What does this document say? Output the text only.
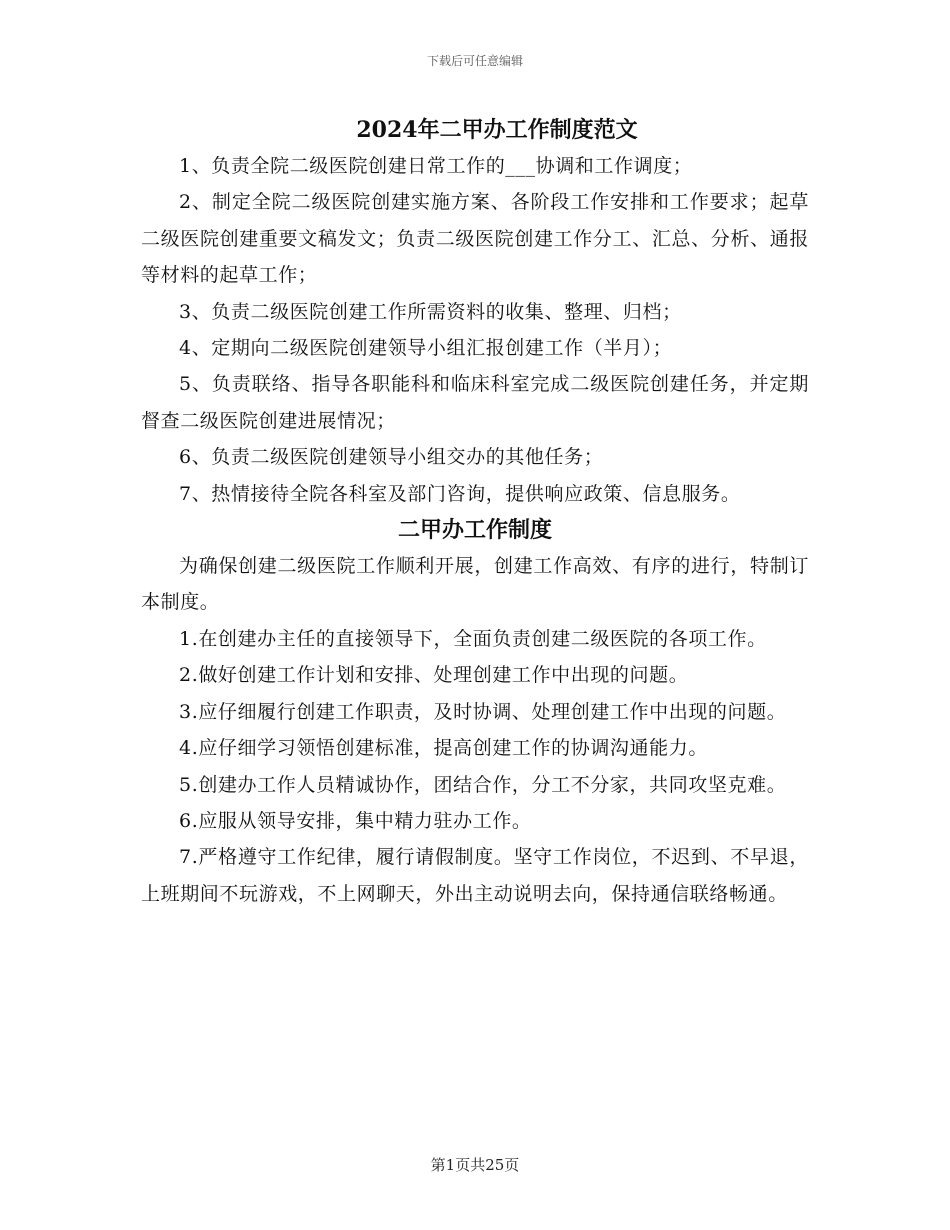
下载后可任意编辑
2024年二甲办工作制度范文

1、负责全院二级医院创建日常工作的___协调和工作调度；

2、制定全院二级医院创建实施方案、各阶段工作安排和工作要求；起草二级医院创建重要文稿发文；负责二级医院创建工作分工、汇总、分析、通报等材料的起草工作；

3、负责二级医院创建工作所需资料的收集、整理、归档；

4、定期向二级医院创建领导小组汇报创建工作（半月）；

5、负责联络、指导各职能科和临床科室完成二级医院创建任务，并定期督查二级医院创建进展情况；

6、负责二级医院创建领导小组交办的其他任务；

7、热情接待全院各科室及部门咨询，提供响应政策、信息服务。

二甲办工作制度

为确保创建二级医院工作顺利开展，创建工作高效、有序的进行，特制订本制度。

1.在创建办主任的直接领导下，全面负责创建二级医院的各项工作。

2.做好创建工作计划和安排、处理创建工作中出现的问题。

3.应仔细履行创建工作职责，及时协调、处理创建工作中出现的问题。

4.应仔细学习领悟创建标准，提高创建工作的协调沟通能力。

5.创建办工作人员精诚协作，团结合作，分工不分家，共同攻坚克难。

6.应服从领导安排，集中精力驻办工作。

7.严格遵守工作纪律，履行请假制度。坚守工作岗位，不迟到、不早退，上班期间不玩游戏，不上网聊天，外出主动说明去向，保持通信联络畅通。

第1页共25页
